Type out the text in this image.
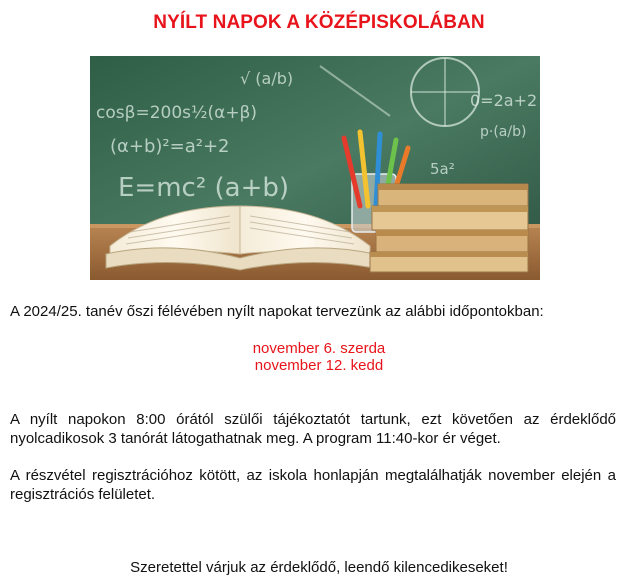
NYÍLT NAPOK A KÖZÉPISKOLÁBAN
cosβ=200s½(α+β)
(α+b)²=a²+2
E=mc² (a+b)
√ (a/b)
0=2a+2
p·(a/b)
5a²
A 2024/25. tanév őszi félévében nyílt napokat tervezünk az alábbi időpontokban:
november 6. szerda
november 12. kedd
A nyílt napokon 8:00 órától szülői tájékoztatót tartunk, ezt követően az érdeklődő nyolcadikosok 3 tanórát látogathatnak meg. A program 11:40-kor ér véget.
A részvétel regisztrációhoz kötött, az iskola honlapján megtalálhatják november elején a regisztrációs felületet.
Szeretettel várjuk az érdeklődő, leendő kilencedikeseket!
